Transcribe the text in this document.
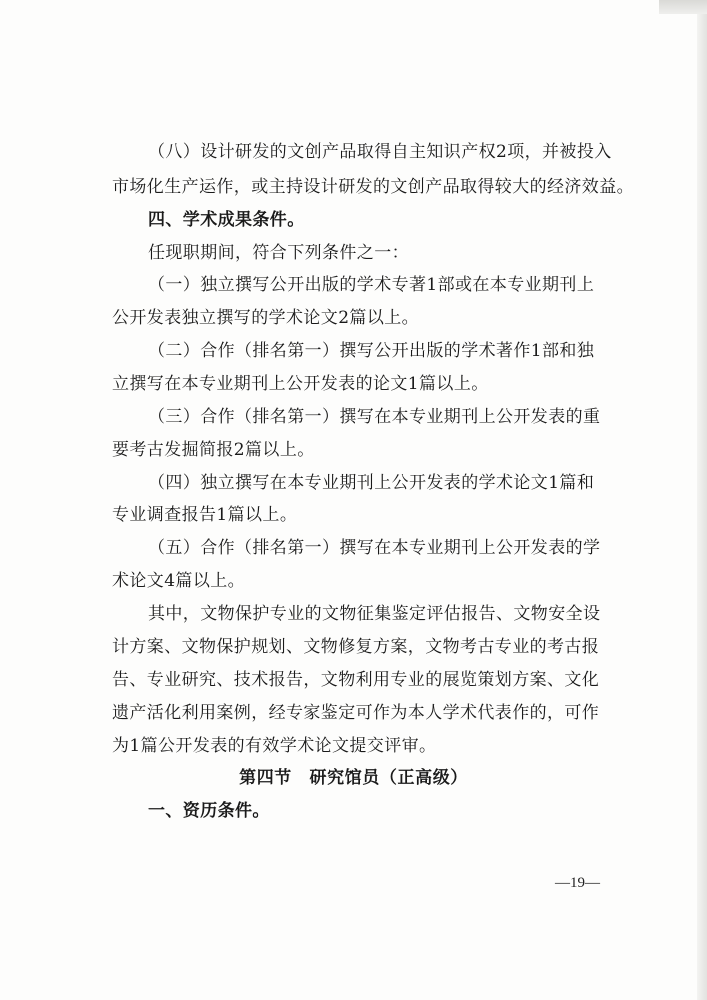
（八）设计研发的文创产品取得自主知识产权2项，并被投入

市场化生产运作，或主持设计研发的文创产品取得较大的经济效益。

四、学术成果条件。

任现职期间，符合下列条件之一：

（一）独立撰写公开出版的学术专著1部或在本专业期刊上

公开发表独立撰写的学术论文2篇以上。

（二）合作（排名第一）撰写公开出版的学术著作1部和独

立撰写在本专业期刊上公开发表的论文1篇以上。

（三）合作（排名第一）撰写在本专业期刊上公开发表的重

要考古发掘简报2篇以上。

（四）独立撰写在本专业期刊上公开发表的学术论文1篇和

专业调查报告1篇以上。

（五）合作（排名第一）撰写在本专业期刊上公开发表的学

术论文4篇以上。

其中，文物保护专业的文物征集鉴定评估报告、文物安全设

计方案、文物保护规划、文物修复方案，文物考古专业的考古报

告、专业研究、技术报告，文物利用专业的展览策划方案、文化

遗产活化利用案例，经专家鉴定可作为本人学术代表作的，可作

为1篇公开发表的有效学术论文提交评审。

第四节　研究馆员（正高级）

一、资历条件。

—19—
